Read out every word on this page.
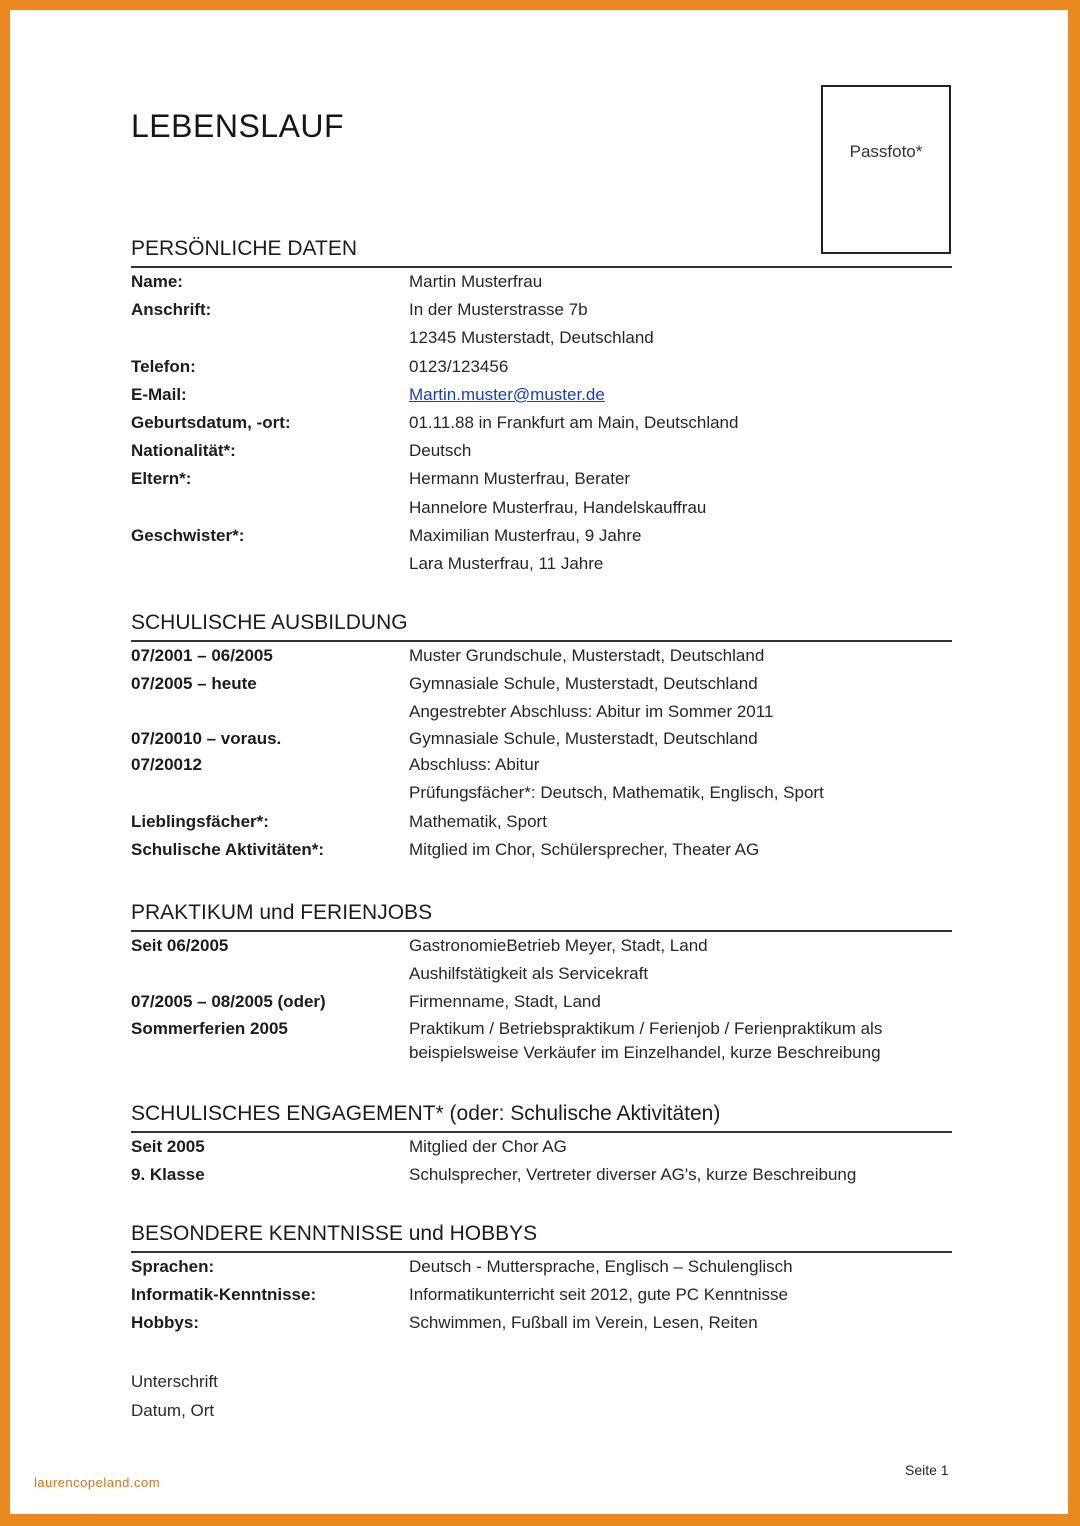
LEBENSLAUF
Passfoto*
PERSÖNLICHE DATEN
Name:	Martin Musterfrau
Anschrift:	In der Musterstrasse 7b
12345 Musterstadt, Deutschland
Telefon:	0123/123456
E-Mail:	Martin.muster@muster.de
Geburtsdatum, -ort:	01.11.88 in Frankfurt am Main, Deutschland
Nationalität*:	Deutsch
Eltern*:	Hermann Musterfrau, Berater
Hannelore Musterfrau, Handelskauffrau
Geschwister*:	Maximilian Musterfrau, 9 Jahre
Lara Musterfrau, 11 Jahre
SCHULISCHE AUSBILDUNG
07/2001 – 06/2005	Muster Grundschule, Musterstadt, Deutschland
07/2005 – heute	Gymnasiale Schule, Musterstadt, Deutschland
Angestrebter Abschluss: Abitur im Sommer 2011
07/20010 – voraus.	Gymnasiale Schule, Musterstadt, Deutschland
07/20012	Abschluss: Abitur
Prüfungsfächer*: Deutsch, Mathematik, Englisch, Sport
Lieblingsfächer*:	Mathematik, Sport
Schulische Aktivitäten*:	Mitglied im Chor, Schülersprecher, Theater AG
PRAKTIKUM und FERIENJOBS
Seit 06/2005	GastronomieBetrieb Meyer, Stadt, Land
Aushilfstätigkeit als Servicekraft
07/2005 – 08/2005 (oder)	Firmenname, Stadt, Land
Sommerferien 2005	Praktikum / Betriebspraktikum / Ferienjob / Ferienpraktikum als
beispielsweise Verkäufer im Einzelhandel, kurze Beschreibung
SCHULISCHES ENGAGEMENT* (oder: Schulische Aktivitäten)
Seit 2005	Mitglied der Chor AG
9. Klasse	Schulsprecher, Vertreter diverser AG's, kurze Beschreibung
BESONDERE KENNTNISSE und HOBBYS
Sprachen:	Deutsch - Muttersprache, Englisch – Schulenglisch
Informatik-Kenntnisse:	Informatikunterricht seit 2012, gute PC Kenntnisse
Hobbys:	Schwimmen, Fußball im Verein, Lesen, Reiten
Unterschrift
Datum, Ort
Seite 1
laurencopeland.com
